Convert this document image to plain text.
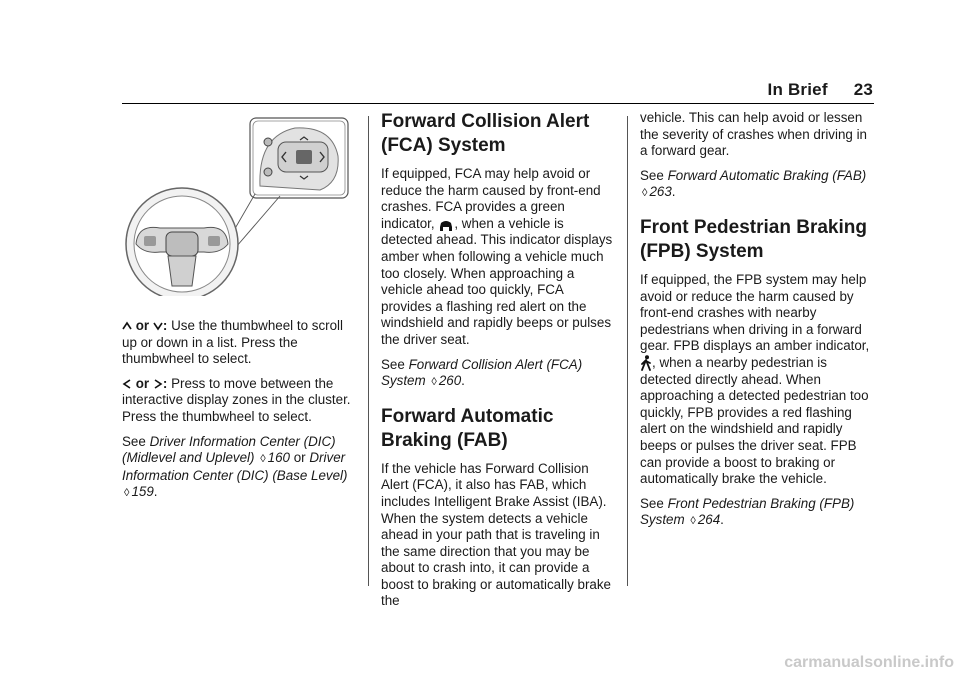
In Brief 23

or : Use the thumbwheel to scroll up or down in a list. Press the thumbwheel to select.

or : Press to move between the interactive display zones in the cluster. Press the thumbwheel to select.

See Driver Information Center (DIC) (Midlevel and Uplevel) ◊ 160 or Driver Information Center (DIC) (Base Level) ◊ 159.

Forward Collision Alert (FCA) System

If equipped, FCA may help avoid or reduce the harm caused by front-end crashes. FCA provides a green indicator, , when a vehicle is detected ahead. This indicator displays amber when following a vehicle much too closely. When approaching a vehicle ahead too quickly, FCA provides a flashing red alert on the windshield and rapidly beeps or pulses the driver seat.

See Forward Collision Alert (FCA) System ◊ 260.

Forward Automatic Braking (FAB)

If the vehicle has Forward Collision Alert (FCA), it also has FAB, which includes Intelligent Brake Assist (IBA). When the system detects a vehicle ahead in your path that is traveling in the same direction that you may be about to crash into, it can provide a boost to braking or automatically brake the

vehicle. This can help avoid or lessen the severity of crashes when driving in a forward gear.

See Forward Automatic Braking (FAB) ◊ 263.

Front Pedestrian Braking (FPB) System

If equipped, the FPB system may help avoid or reduce the harm caused by front-end crashes with nearby pedestrians when driving in a forward gear. FPB displays an amber indicator, , when a nearby pedestrian is detected directly ahead. When approaching a detected pedestrian too quickly, FPB provides a red flashing alert on the windshield and rapidly beeps or pulses the driver seat. FPB can provide a boost to braking or automatically brake the vehicle.

See Front Pedestrian Braking (FPB) System ◊ 264.

carmanualsonline.info
